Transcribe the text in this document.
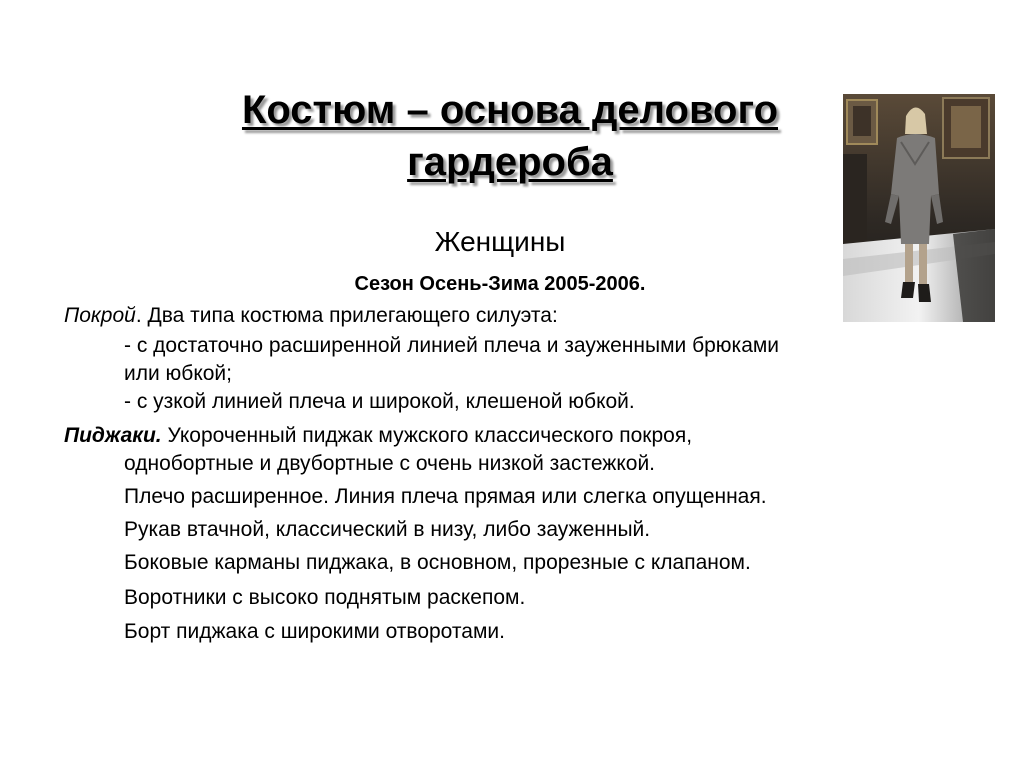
Костюм – основа делового
гардероба
Женщины
Сезон Осень-Зима 2005-2006.
Покрой. Два типа костюма прилегающего силуэта:
- с достаточно расширенной линией плеча и зауженными брюками
или юбкой;
- с узкой линией плеча и широкой, клешеной юбкой.
Пиджаки. Укороченный пиджак мужского классического покроя,
однобортные и двубортные с очень низкой застежкой.
Плечо расширенное. Линия плеча прямая или слегка опущенная.
Рукав втачной, классический в низу, либо зауженный.
Боковые карманы пиджака, в основном, прорезные с клапаном.
Воротники с высоко поднятым раскепом.
Борт пиджака с широкими отворотами.
